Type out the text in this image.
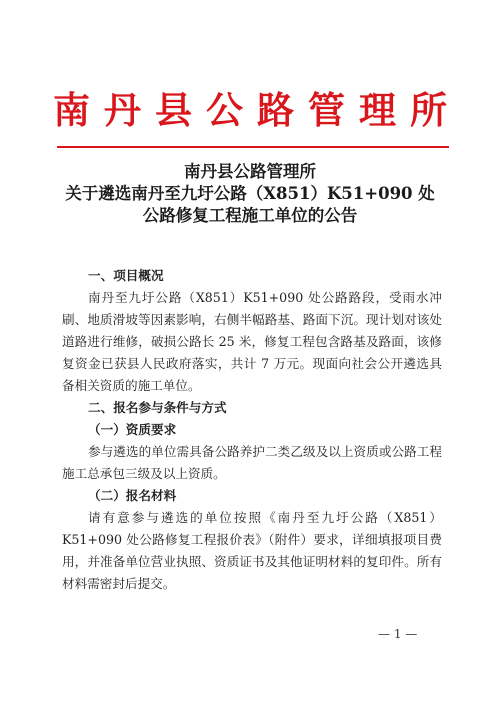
南丹县公路管理所
南丹县公路管理所
关于遴选南丹至九圩公路（X851）K51+090 处
公路修复工程施工单位的公告
一、项目概况
南丹至九圩公路（X851）K51+090 处公路路段，受雨水冲刷、地质滑坡等因素影响，右侧半幅路基、路面下沉。现计划对该处道路进行维修，破损公路长 25 米，修复工程包含路基及路面，该修复资金已获县人民政府落实，共计 7 万元。现面向社会公开遴选具备相关资质的施工单位。
二、报名参与条件与方式
（一）资质要求
参与遴选的单位需具备公路养护二类乙级及以上资质或公路工程施工总承包三级及以上资质。
（二）报名材料
请有意参与遴选的单位按照《南丹至九圩公路（X851）K51+090 处公路修复工程报价表》（附件）要求，详细填报项目费用，并准备单位营业执照、资质证书及其他证明材料的复印件。所有材料需密封后提交。
— 1 —
